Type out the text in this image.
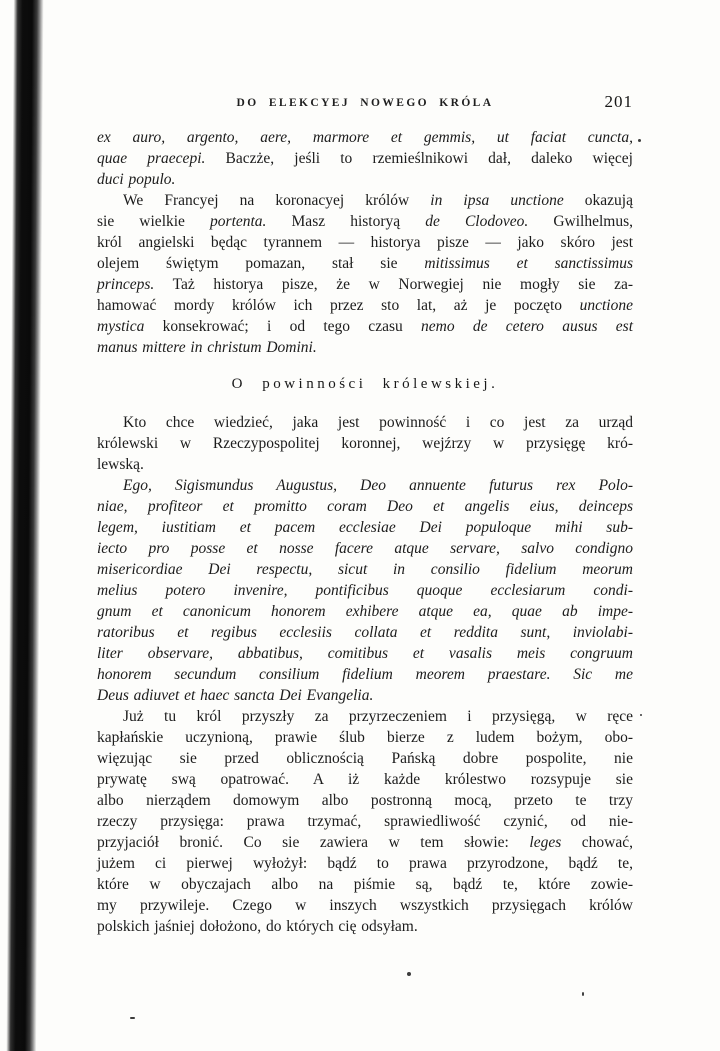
DO ELEKCYEJ NOWEGO KRÓLA	201
ex auro, argento, aere, marmore et gemmis, ut faciat cuncta,
quae praecepi. Baczże, jeśli to rzemieślnikowi dał, daleko więcej
duci populo.
We Francyej na koronacyej królów in ipsa unctione okazują
sie wielkie portenta. Masz historyą de Clodoveo. Gwilhelmus,
król angielski będąc tyrannem — historya pisze — jako skóro jest
olejem świętym pomazan, stał sie mitissimus et sanctissimus
princeps. Taż historya pisze, że w Norwegiej nie mogły sie za-
hamować mordy królów ich przez sto lat, aż je poczęto unctione
mystica konsekrować; i od tego czasu nemo de cetero ausus est
manus mittere in christum Domini.
O powinności królewskiej.
Kto chce wiedzieć, jaka jest powinność i co jest za urząd
królewski w Rzeczypospolitej koronnej, wejźrzy w przysięgę kró-
lewską.
Ego, Sigismundus Augustus, Deo annuente futurus rex Polo-
niae, profiteor et promitto coram Deo et angelis eius, deinceps
legem, iustitiam et pacem ecclesiae Dei populoque mihi sub-
iecto pro posse et nosse facere atque servare, salvo condigno
misericordiae Dei respectu, sicut in consilio fidelium meorum
melius potero invenire, pontificibus quoque ecclesiarum condi-
gnum et canonicum honorem exhibere atque ea, quae ab impe-
ratoribus et regibus ecclesiis collata et reddita sunt, inviolabi-
liter observare, abbatibus, comitibus et vasalis meis congruum
honorem secundum consilium fidelium meorem praestare. Sic me
Deus adiuvet et haec sancta Dei Evangelia.
Już tu król przyszły za przyrzeczeniem i przysięgą, w ręce
kapłańskie uczynioną, prawie ślub bierze z ludem bożym, obo-
więzując sie przed oblicznością Pańską dobre pospolite, nie
prywatę swą opatrować. A iż każde królestwo rozsypuje sie
albo nierządem domowym albo postronną mocą, przeto te trzy
rzeczy przysięga: prawa trzymać, sprawiedliwość czynić, od nie-
przyjaciół bronić. Co sie zawiera w tem słowie: leges chować,
jużem ci pierwej wyłożył: bądź to prawa przyrodzone, bądź te,
które w obyczajach albo na piśmie są, bądź te, które zowie-
my przywileje. Czego w inszych wszystkich przysięgach królów
polskich jaśniej dołożono, do których cię odsyłam.
